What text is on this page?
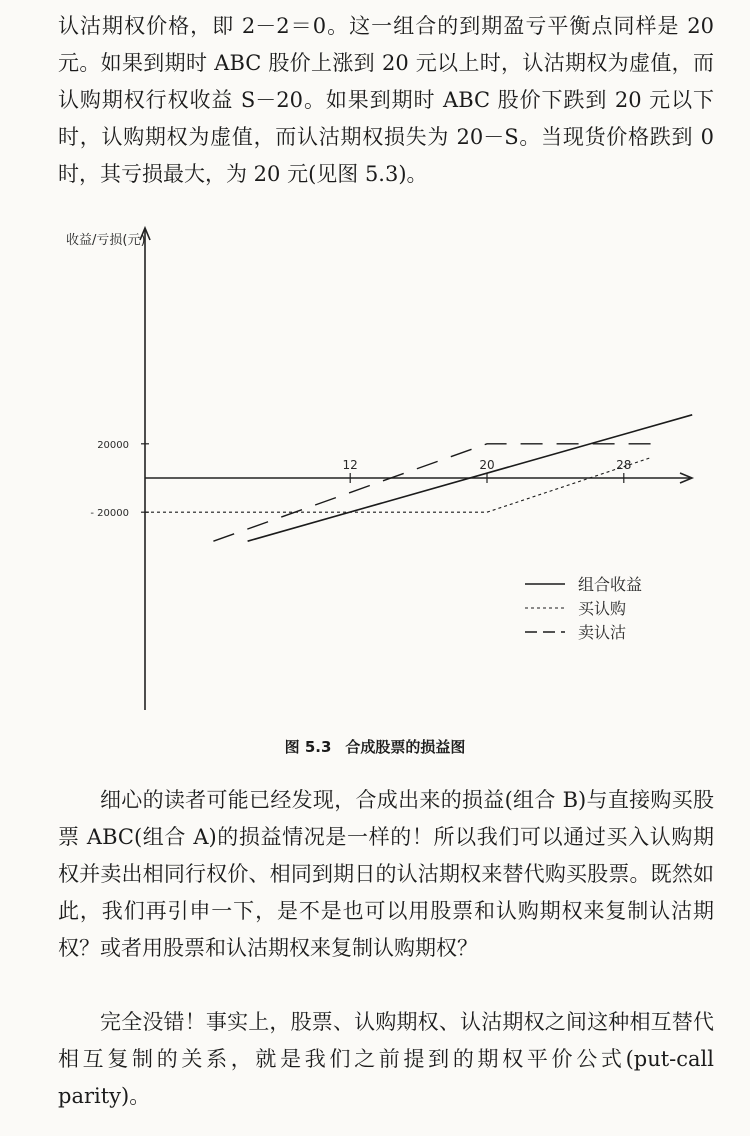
认沽期权价格，即 2－2＝0。这一组合的到期盈亏平衡点同样是 20 元。如果到期时 ABC 股价上涨到 20 元以上时，认沽期权为虚值，而认购期权行权收益 S－20。如果到期时 ABC 股价下跌到 20 元以下时，认购期权为虚值，而认沽期权损失为 20－S。当现货价格跌到 0 时，其亏损最大，为 20 元(见图 5.3)。

收益/亏损(元)
12	20	28
20000
- 20000
组合收益
买认购
卖认沽
图 5.3 合成股票的损益图

细心的读者可能已经发现，合成出来的损益(组合 B)与直接购买股票 ABC(组合 A)的损益情况是一样的！所以我们可以通过买入认购期权并卖出相同行权价、相同到期日的认沽期权来替代购买股票。既然如此，我们再引申一下，是不是也可以用股票和认购期权来复制认沽期权？或者用股票和认沽期权来复制认购期权？

完全没错！事实上，股票、认购期权、认沽期权之间这种相互替代相互复制的关系，就是我们之前提到的期权平价公式(put-call parity)。
